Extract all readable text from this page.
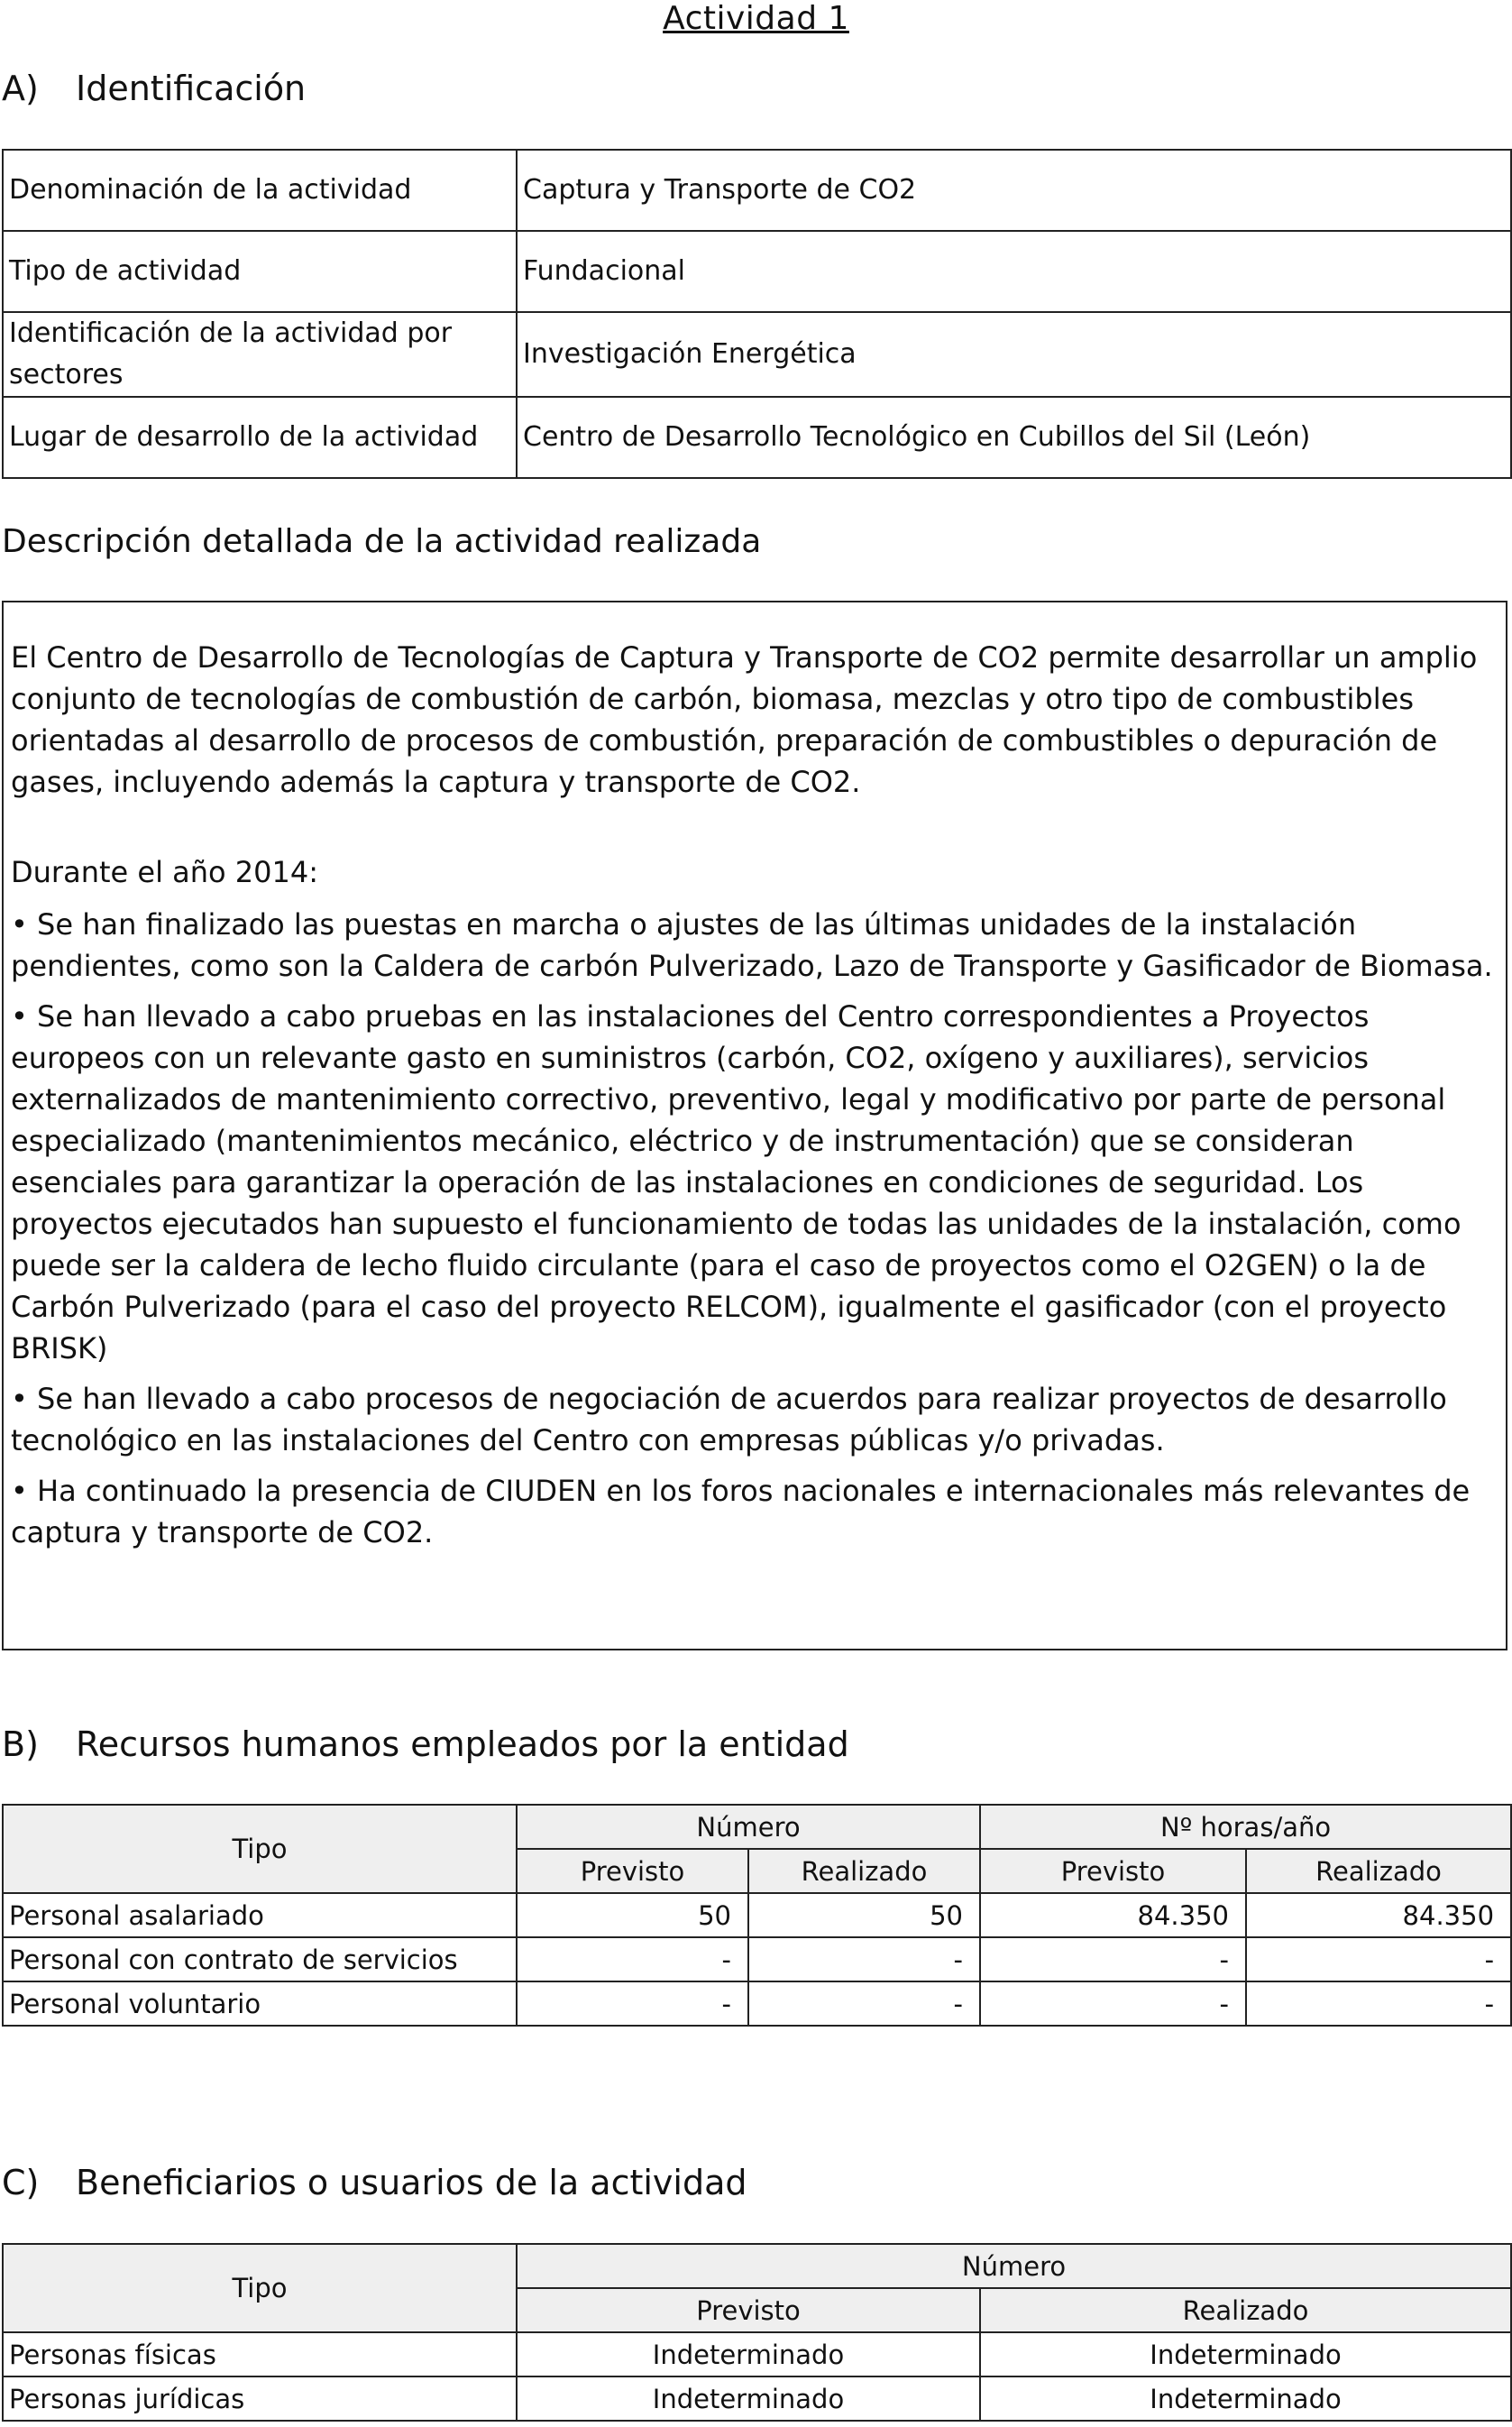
Actividad 1
A) Identificación
Denominación de la actividad	Captura y Transporte de CO2
Tipo de actividad	Fundacional
Identificación de la actividad por sectores	Investigación Energética
Lugar de desarrollo de la actividad	Centro de Desarrollo Tecnológico en Cubillos del Sil (León)
Descripción detallada de la actividad realizada

El Centro de Desarrollo de Tecnologías de Captura y Transporte de CO2 permite desarrollar un amplio conjunto de tecnologías de combustión de carbón, biomasa, mezclas y otro tipo de combustibles orientadas al desarrollo de procesos de combustión, preparación de combustibles o depuración de gases, incluyendo además la captura y transporte de CO2.

Durante el año 2014:

• Se han finalizado las puestas en marcha o ajustes de las últimas unidades de la instalación pendientes, como son la Caldera de carbón Pulverizado, Lazo de Transporte y Gasificador de Biomasa.

• Se han llevado a cabo pruebas en las instalaciones del Centro correspondientes a Proyectos europeos con un relevante gasto en suministros (carbón, CO2, oxígeno y auxiliares), servicios externalizados de mantenimiento correctivo, preventivo, legal y modificativo por parte de personal especializado (mantenimientos mecánico, eléctrico y de instrumentación) que se consideran esenciales para garantizar la operación de las instalaciones en condiciones de seguridad. Los proyectos ejecutados han supuesto el funcionamiento de todas las unidades de la instalación, como puede ser la caldera de lecho fluido circulante (para el caso de proyectos como el O2GEN) o la de Carbón Pulverizado (para el caso del proyecto RELCOM), igualmente el gasificador (con el proyecto BRISK)

• Se han llevado a cabo procesos de negociación de acuerdos para realizar proyectos de desarrollo tecnológico en las instalaciones del Centro con empresas públicas y/o privadas.

• Ha continuado la presencia de CIUDEN en los foros nacionales e internacionales más relevantes de captura y transporte de CO2.

B) Recursos humanos empleados por la entidad
Tipo	Número		Nº horas/año	
	Previsto	Realizado	Previsto	Realizado
Personal asalariado	50	50	84.350	84.350
Personal con contrato de servicios	-	-	-	-
Personal voluntario	-	-	-	-
C) Beneficiarios o usuarios de la actividad
Tipo	Número	
	Previsto	Realizado
Personas físicas	Indeterminado	Indeterminado
Personas jurídicas	Indeterminado	Indeterminado
